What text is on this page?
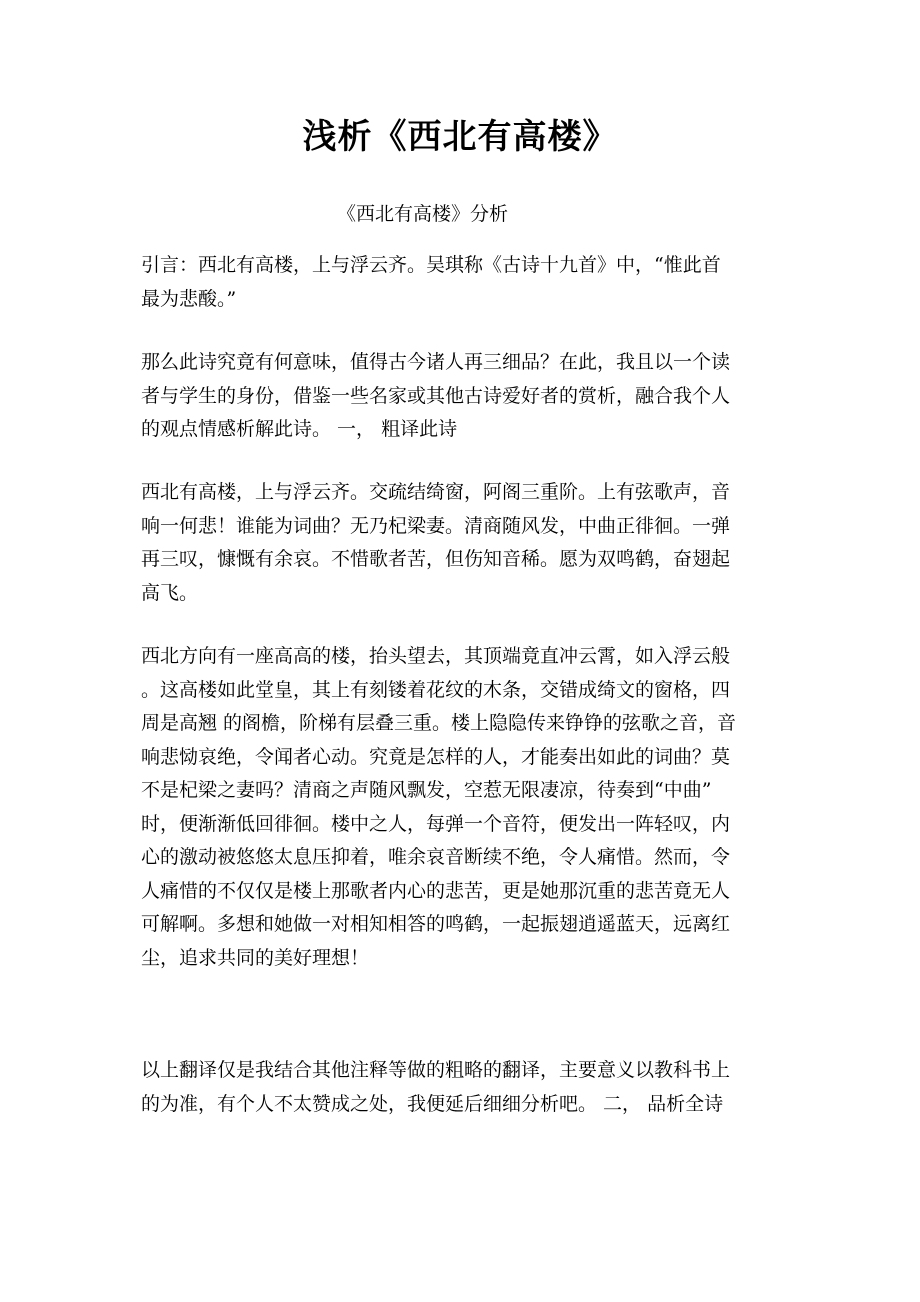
浅析《西北有高楼》
《西北有高楼》分析

引言：西北有高楼，上与浮云齐。吴琪称《古诗十九首》中，“惟此首
最为悲酸。”

那么此诗究竟有何意味，值得古今诸人再三细品？在此，我且以一个读
者与学生的身份，借鉴一些名家或其他古诗爱好者的赏析，融合我个人
的观点情感析解此诗。 一， 粗译此诗

西北有高楼，上与浮云齐。交疏结绮窗，阿阁三重阶。上有弦歌声，音
响一何悲！谁能为词曲？无乃杞梁妻。清商随风发，中曲正徘徊。一弹
再三叹，慷慨有余哀。不惜歌者苦，但伤知音稀。愿为双鸣鹤，奋翅起
高飞。

西北方向有一座高高的楼，抬头望去，其顶端竟直冲云霄，如入浮云般
。这高楼如此堂皇，其上有刻镂着花纹的木条，交错成绮文的窗格，四
周是高翘 的阁檐，阶梯有层叠三重。楼上隐隐传来铮铮的弦歌之音，音
响悲恸哀绝，令闻者心动。究竟是怎样的人，才能奏出如此的词曲？莫
不是杞梁之妻吗？清商之声随风飘发，空惹无限凄凉，待奏到“中曲”
时，便渐渐低回徘徊。楼中之人，每弹一个音符，便发出一阵轻叹，内
心的激动被悠悠太息压抑着，唯余哀音断续不绝，令人痛惜。然而，令
人痛惜的不仅仅是楼上那歌者内心的悲苦，更是她那沉重的悲苦竟无人
可解啊。多想和她做一对相知相答的鸣鹤，一起振翅逍遥蓝天，远离红
尘，追求共同的美好理想！

以上翻译仅是我结合其他注释等做的粗略的翻译，主要意义以教科书上
的为准，有个人不太赞成之处，我便延后细细分析吧。 二， 品析全诗
